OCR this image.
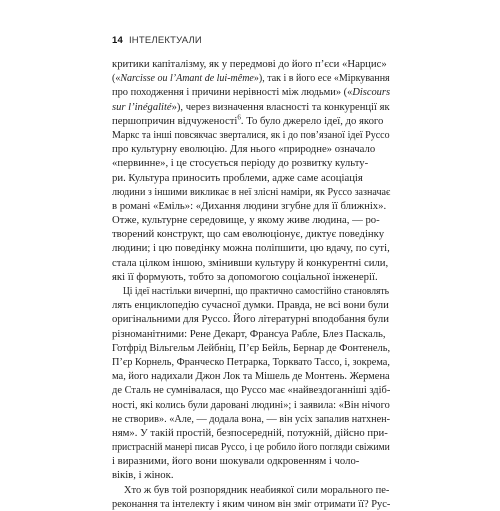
14 ІНТЕЛЕКТУАЛИ
критики капіталізму, як у передмові до його п’єси «Нарцис»
(«Narcisse ou l’Amant de lui-même»), так і в його есе «Міркування
про походження і причини нерівності між людьми» («Discours
sur l’inégalité»), через визначення власності та конкуренції як
першопричин відчуженості$^6$. То було джерело ідеї, до якого
Маркс та інші повсякчас зверталися, як і до пов’язаної ідеї Руссо
про культурну еволюцію. Для нього «природне» означало
«первинне», і це стосується періоду до розвитку культу-
ри. Культура приносить проблеми, адже саме асоціація
людини з іншими викликає в неї злісні намiри, як Руссо зазначає
в романі «Еміль»: «Дихання людини згубне для її ближніх».
Отже, культурне середовище, у якому живе людина, — ро-
творений конструкт, що сам еволюціонує, диктує поведінку
людини; і цю поведінку можна поліпшити, цю вдачу, по суті,
стала цілком іншою, змінивши культуру й конкурентні сили,
які її формують, тобто за допомогою соціальної інженерії.
Ці ідеї настільки вичерпні, що практично самостійно становлять
лять енциклопедію сучасної думки. Правда, не всі вони були
оригінальними для Руссо. Його літературні вподобання були
різноманітними: Рене Декарт, Франсуа Рабле, Блез Паскаль,
Готфрід Вільгельм Лейбніц, П’єр Бейль, Бернар де Фонтенель,
П’єр Корнель, Франческо Петрарка, Торквато Тассо, і, зокрема,
ма, його надихали Джон Лок та Мішель де Монтень. Жермена
де Сталь не сумнівалася, що Руссо має «найвездоганніші здіб-
ності, які колись були даровані людині»; і заявила: «Він нічого
не створив». «Але, — додала вона, — він усіх запалив натхнен-
ням». У такій простій, безпосередній, потужній, дійсно при-
пристрасній манері писав Руссо, і це робило його погляди свіжими
і виразними, його вони шокували одкровенням і чоло-
віків, і жінок.
Хто ж був той розпорядник неабиякої сили морального пе-
реконання та інтелекту і яким чином він зміг отримати її? Рус-
